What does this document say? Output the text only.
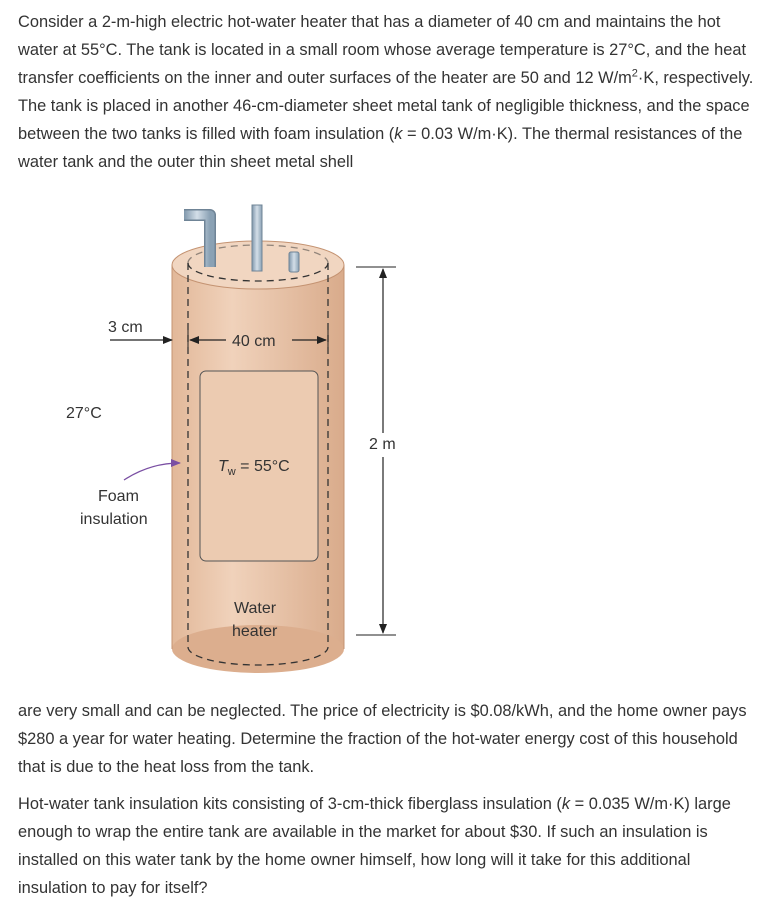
Consider a 2-m-high electric hot-water heater that has a diameter of 40 cm and maintains the hot water at 55°C. The tank is located in a small room whose average temperature is 27°C, and the heat transfer coefficients on the inner and outer surfaces of the heater are 50 and 12 $W/m^2\cdot K$, respectively. The tank is placed in another 46-cm-diameter sheet metal tank of negligible thickness, and the space between the two tanks is filled with foam insulation (k = 0.03 W/m·K). The thermal resistances of the water tank and the outer thin sheet metal shell

3 cm
40 cm
27°C
2 m
$T_w = 55^\circ C$
Foam
insulation
Water
heater

are very small and can be neglected. The price of electricity is $0.08/kWh, and the home owner pays $280 a year for water heating. Determine the fraction of the hot-water energy cost of this household that is due to the heat loss from the tank.

Hot-water tank insulation kits consisting of 3-cm-thick fiberglass insulation (k = 0.035 W/m·K) large enough to wrap the entire tank are available in the market for about $30. If such an insulation is installed on this water tank by the home owner himself, how long will it take for this additional insulation to pay for itself?
